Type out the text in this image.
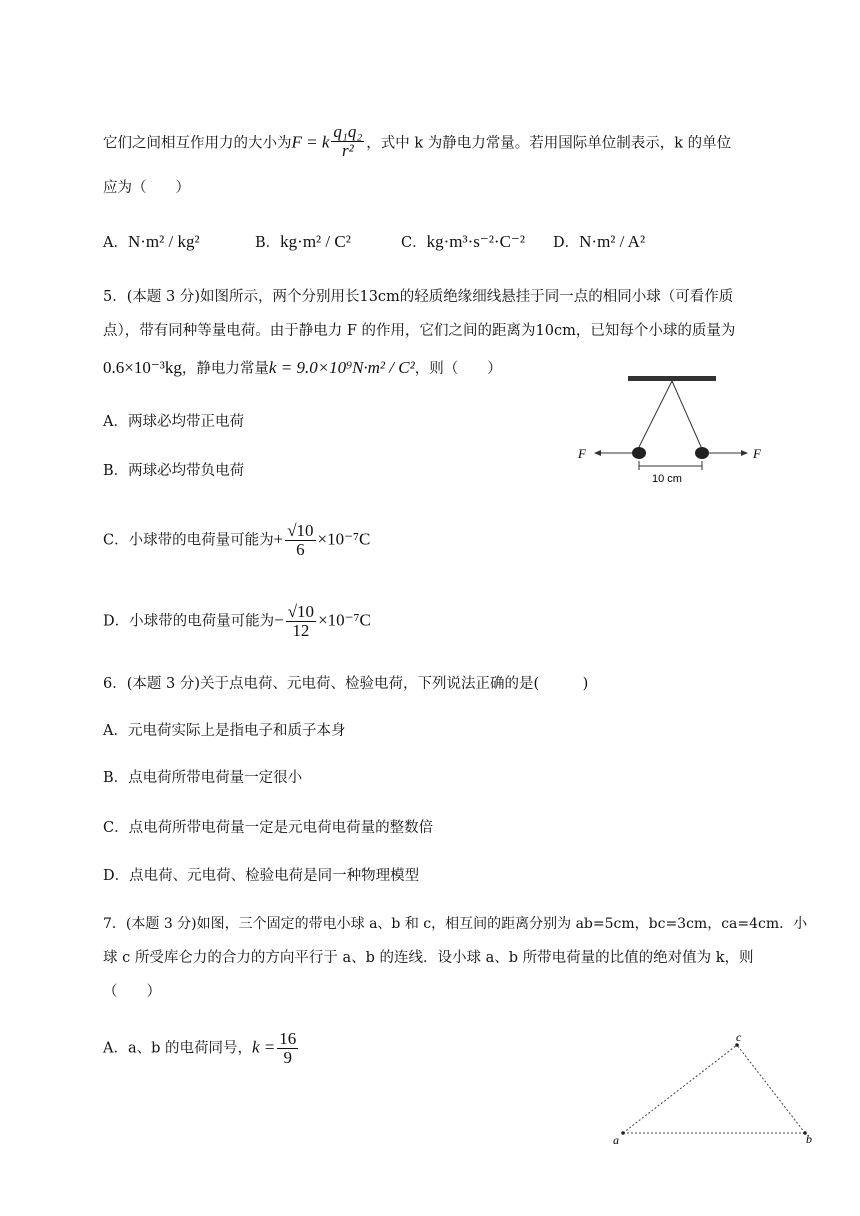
它们之间相互作用力的大小为F = k $\frac{\text{q₁q₂}}{\text{r²}}$ ，式中 k 为静电力常量。若用国际单位制表示，k 的单位
应为（　　）
A．N·m² / kg²	B．kg·m² / C²	C．kg·m³·s⁻²·C⁻² D．N·m² / A²
5．(本题 3 分)如图所示，两个分别用长13cm的轻质绝缘细线悬挂于同一点的相同小球（可看作质
点），带有同种等量电荷。由于静电力 F 的作用，它们之间的距离为10cm，已知每个小球的质量为
0.6×10⁻³kg，静电力常量k = 9.0×10⁹N·m² / C²，则（　　）
A．两球必均带正电荷
B．两球必均带负电荷
C．小球带的电荷量可能为+ $\frac{√10}{6} \times 10^{-7}C$
D．小球带的电荷量可能为− $\frac{√10}{12} \times 10^{-7}C$
F	F
10 cm
6．(本题 3 分)关于点电荷、元电荷、检验电荷，下列说法正确的是(　　　)
A．元电荷实际上是指电子和质子本身
B．点电荷所带电荷量一定很小
C．点电荷所带电荷量一定是元电荷电荷量的整数倍
D．点电荷、元电荷、检验电荷是同一种物理模型
7．(本题 3 分)如图，三个固定的带电小球 a、b 和 c，相互间的距离分别为 ab=5cm，bc=3cm，ca=4cm．小
球 c 所受库仑力的合力的方向平行于 a、b 的连线．设小球 a、b 所带电荷量的比值的绝对值为 k，则
（　　）
A．a、b 的电荷同号，$k = \frac{16}{9}$
a	b
c
